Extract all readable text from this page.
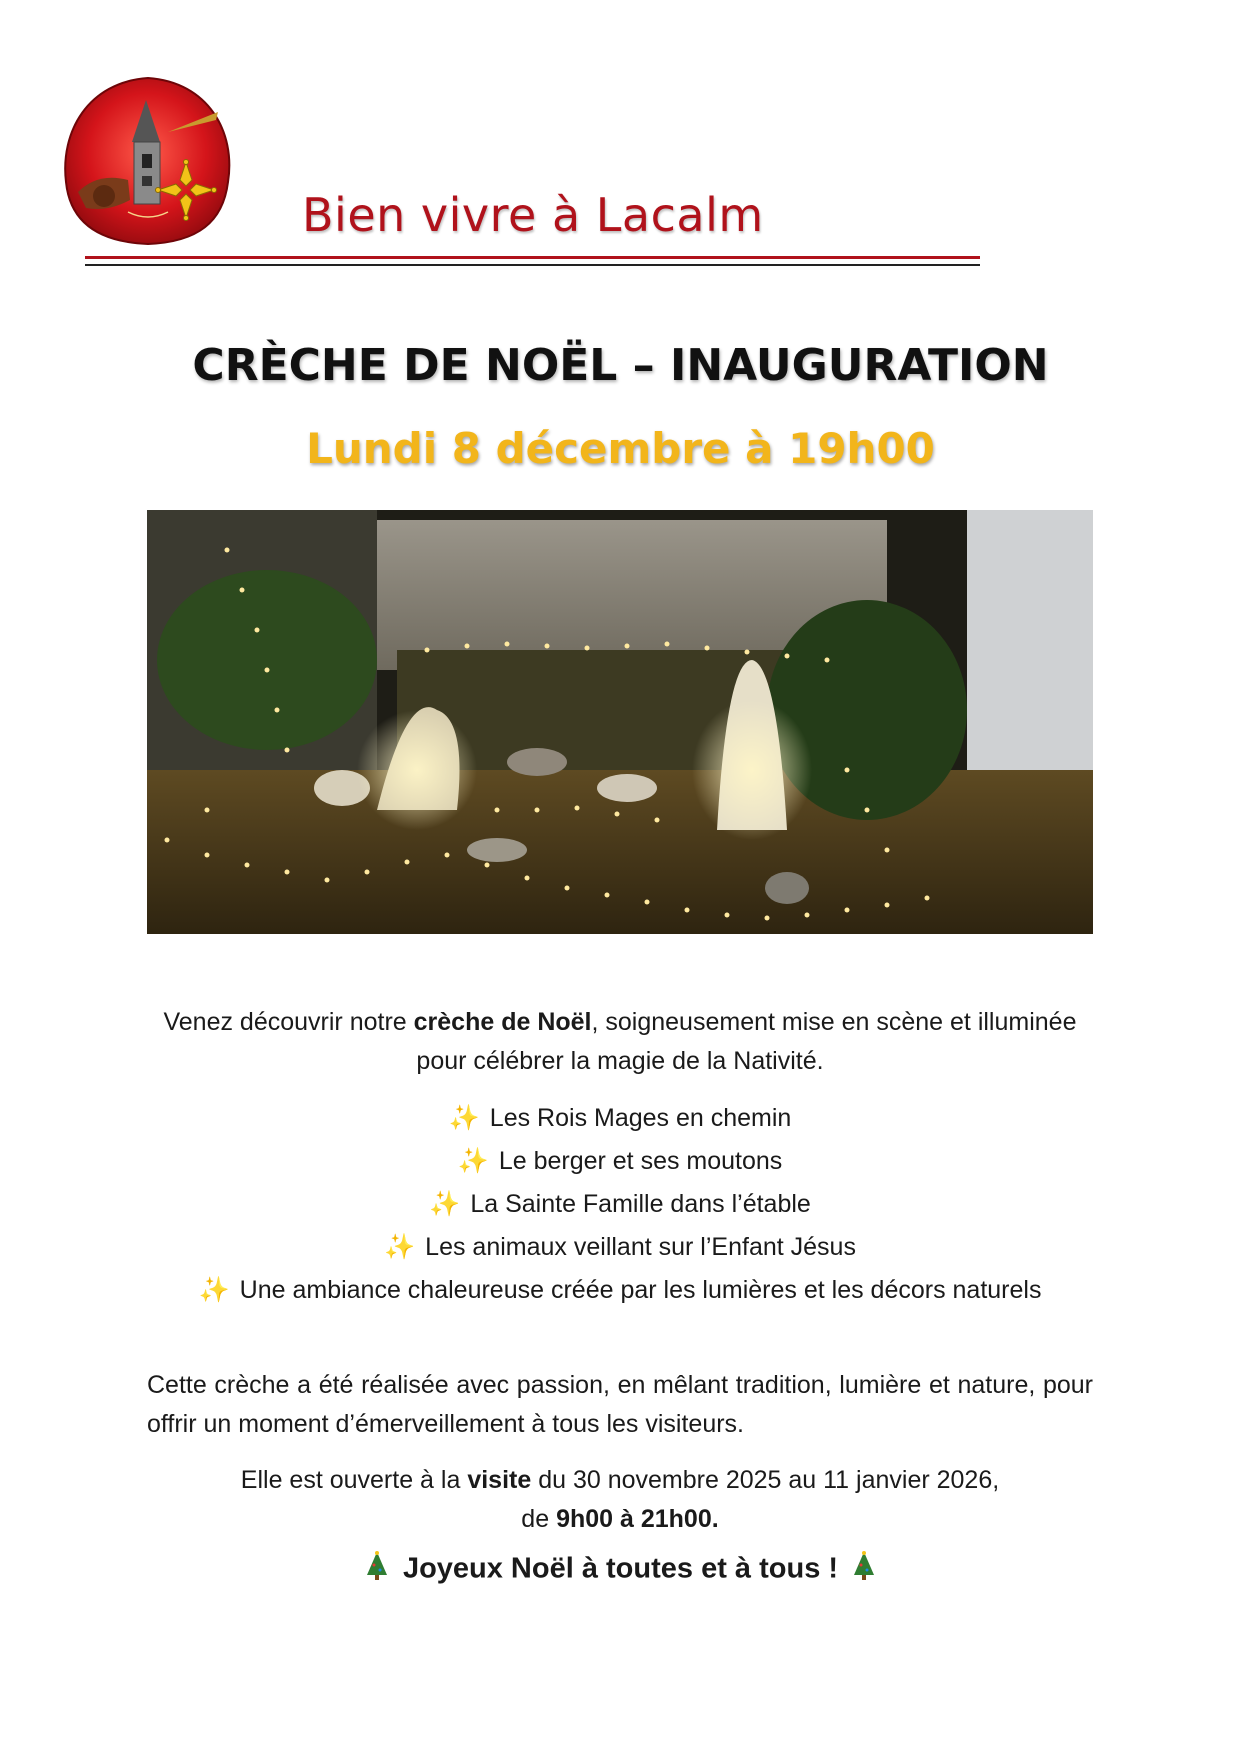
Bien vivre à Lacalm
CRÈCHE DE NOËL – INAUGURATION
Lundi 8 décembre à 19h00
Venez découvrir notre crèche de Noël, soigneusement mise en scène et illuminée pour célébrer la magie de la Nativité.
✨ Les Rois Mages en chemin
✨ Le berger et ses moutons
✨ La Sainte Famille dans l’étable
✨ Les animaux veillant sur l’Enfant Jésus
✨ Une ambiance chaleureuse créée par les lumières et les décors naturels
Cette crèche a été réalisée avec passion, en mêlant tradition, lumière et nature, pour offrir un moment d’émerveillement à tous les visiteurs.
Elle est ouverte à la visite du 30 novembre 2025 au 11 janvier 2026,
de 9h00 à 21h00.
Joyeux Noël à toutes et à tous !
